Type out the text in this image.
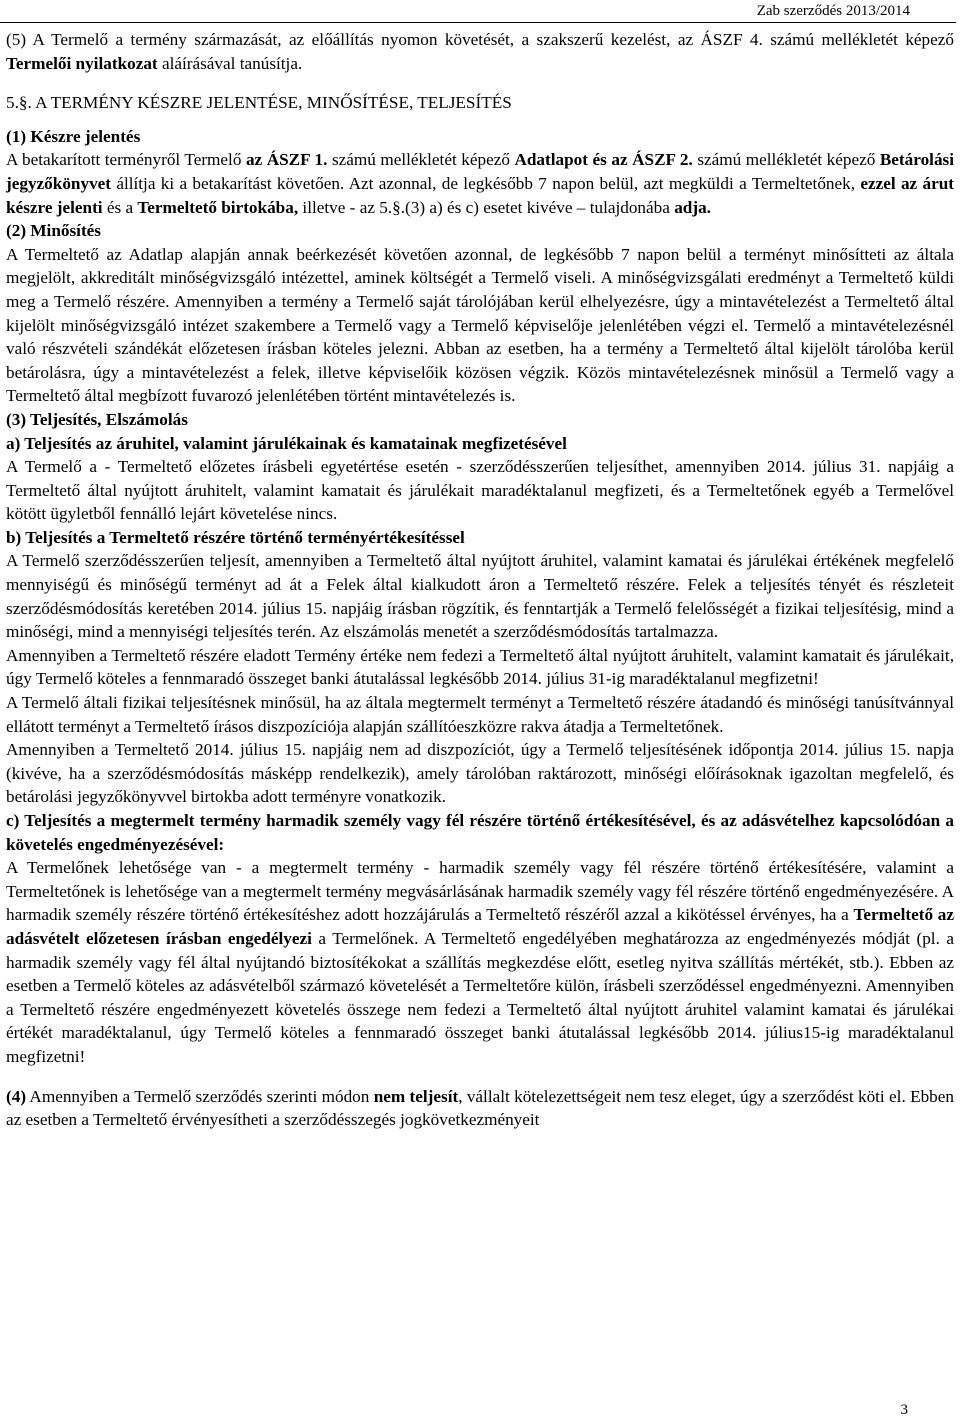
Zab szerződés 2013/2014

(5) A Termelő a termény származását, az előállítás nyomon követését, a szakszerű kezelést, az ÁSZF 4. számú mellékletét képező Termelői nyilatkozat aláírásával tanúsítja.

5.§. A TERMÉNY KÉSZRE JELENTÉSE, MINŐSÍTÉSE, TELJESÍTÉS

(1) Készre jelentés

A betakarított terményről Termelő az ÁSZF 1. számú mellékletét képező Adatlapot és az ÁSZF 2. számú mellékletét képező Betárolási jegyzőkönyvet állítja ki a betakarítást követően. Azt azonnal, de legkésőbb 7 napon belül, azt megküldi a Termeltetőnek, ezzel az árut készre jelenti és a Termeltető birtokába, illetve - az 5.§.(3) a) és c) esetet kivéve – tulajdonába adja.

(2) Minősítés

A Termeltető az Adatlap alapján annak beérkezését követően azonnal, de legkésőbb 7 napon belül a terményt minősítteti az általa megjelölt, akkreditált minőségvizsgáló intézettel, aminek költségét a Termelő viseli. A minőségvizsgálati eredményt a Termeltető küldi meg a Termelő részére. Amennyiben a termény a Termelő saját tárolójában kerül elhelyezésre, úgy a mintavételezést a Termeltető által kijelölt minőségvizsgáló intézet szakembere a Termelő vagy a Termelő képviselője jelenlétében végzi el. Termelő a mintavételezésnél való részvételi szándékát előzetesen írásban köteles jelezni. Abban az esetben, ha a termény a Termeltető által kijelölt tárolóba kerül betárolásra, úgy a mintavételezést a felek, illetve képviselőik közösen végzik. Közös mintavételezésnek minősül a Termelő vagy a Termeltető által megbízott fuvarozó jelenlétében történt mintavételezés is.

(3) Teljesítés, Elszámolás

a) Teljesítés az áruhitel, valamint járulékainak és kamatainak megfizetésével

A Termelő a - Termeltető előzetes írásbeli egyetértése esetén - szerződésszerűen teljesíthet, amennyiben 2014. július 31. napjáig a Termeltető által nyújtott áruhitelt, valamint kamatait és járulékait maradéktalanul megfizeti, és a Termeltetőnek egyéb a Termelővel kötött ügyletből fennálló lejárt követelése nincs.

b) Teljesítés a Termeltető részére történő terményértékesítéssel

A Termelő szerződésszerűen teljesít, amennyiben a Termeltető által nyújtott áruhitel, valamint kamatai és járulékai értékének megfelelő mennyiségű és minőségű terményt ad át a Felek által kialkudott áron a Termeltető részére. Felek a teljesítés tényét és részleteit szerződésmódosítás keretében 2014. július 15. napjáig írásban rögzítik, és fenntartják a Termelő felelősségét a fizikai teljesítésig, mind a minőségi, mind a mennyiségi teljesítés terén. Az elszámolás menetét a szerződésmódosítás tartalmazza.

Amennyiben a Termeltető részére eladott Termény értéke nem fedezi a Termeltető által nyújtott áruhitelt, valamint kamatait és járulékait, úgy Termelő köteles a fennmaradó összeget banki átutalással legkésőbb 2014. július 31-ig maradéktalanul megfizetni!

A Termelő általi fizikai teljesítésnek minősül, ha az általa megtermelt terményt a Termeltető részére átadandó és minőségi tanúsítvánnyal ellátott terményt a Termeltető írásos diszpozíciója alapján szállítóeszközre rakva átadja a Termeltetőnek.

Amennyiben a Termeltető 2014. július 15. napjáig nem ad diszpozíciót, úgy a Termelő teljesítésének időpontja 2014. július 15. napja (kivéve, ha a szerződésmódosítás másképp rendelkezik), amely tárolóban raktározott, minőségi előírásoknak igazoltan megfelelő, és betárolási jegyzőkönyvvel birtokba adott terményre vonatkozik.

c) Teljesítés a megtermelt termény harmadik személy vagy fél részére történő értékesítésével, és az adásvételhez kapcsolódóan a követelés engedményezésével:

A Termelőnek lehetősége van - a megtermelt termény - harmadik személy vagy fél részére történő értékesítésére, valamint a Termeltetőnek is lehetősége van a megtermelt termény megvásárlásának harmadik személy vagy fél részére történő engedményezésére. A harmadik személy részére történő értékesítéshez adott hozzájárulás a Termeltető részéről azzal a kikötéssel érvényes, ha a Termeltető az adásvételt előzetesen írásban engedélyezi a Termelőnek. A Termeltető engedélyében meghatározza az engedményezés módját (pl. a harmadik személy vagy fél által nyújtandó biztosítékokat a szállítás megkezdése előtt, esetleg nyitva szállítás mértékét, stb.). Ebben az esetben a Termelő köteles az adásvételből származó követelését a Termeltetőre külön, írásbeli szerződéssel engedményezni. Amennyiben a Termeltető részére engedményezett követelés összege nem fedezi a Termeltető által nyújtott áruhitel valamint kamatai és járulékai értékét maradéktalanul, úgy Termelő köteles a fennmaradó összeget banki átutalással legkésőbb 2014. július15-ig maradéktalanul megfizetni!

(4) Amennyiben a Termelő szerződés szerinti módon nem teljesít, vállalt kötelezettségeit nem tesz eleget, úgy a szerződést köti el. Ebben az esetben a Termeltető érvényesítheti a szerződésszegés jogkövetkezményeit

3
